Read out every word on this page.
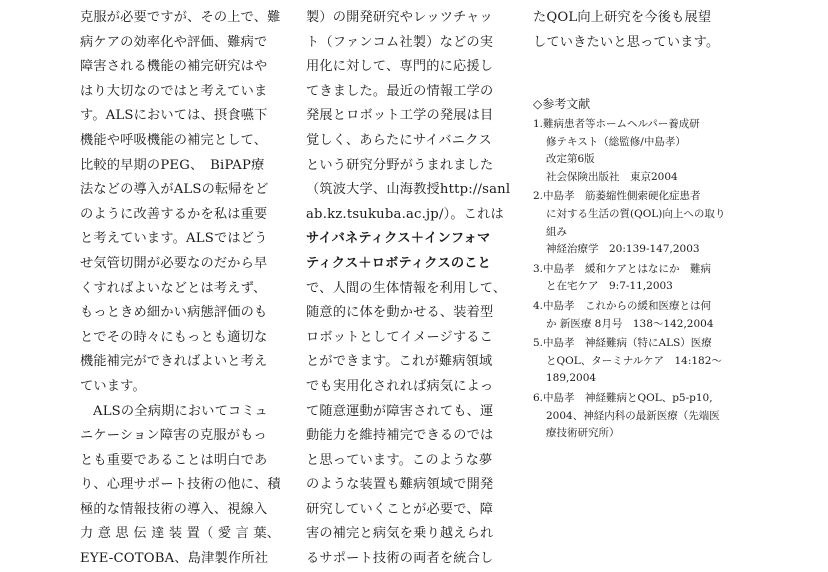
克服が必要ですが、その上で、難
病ケアの効率化や評価、難病で
障害される機能の補完研究はや
はり大切なのではと考えていま
す。ALSにおいては、摂食嚥下
機能や呼吸機能の補完として、
比較的早期のPEG、　BiPAP療
法などの導入がALSの転帰をど
のように改善するかを私は重要
と考えています。ALSではどう
せ気管切開が必要なのだから早
くすればよいなどとは考えず、
もっときめ細かい病態評価のも
とでその時々にもっとも適切な
機能補完ができればよいと考え
ています。
ALSの全病期においてコミュ
ニケーション障害の克服がもっ
とも重要であることは明白であ
り、心理サポート技術の他に、積
極的な情報技術の導入、視線入
力 意 思 伝 達 装 置（ 愛 言 葉、
EYE-COTOBA、島津製作所社
製）の開発研究やレッツチャッ
ト（ファンコム社製）などの実
用化に対して、専門的に応援し
てきました。最近の情報工学の
発展とロボット工学の発展は目
覚しく、あらたにサイバニクス
という研究分野がうまれました
（筑波大学、山海教授http://sanl
ab.kz.tsukuba.ac.jp/）。これは
サイバネティクス＋インフォマ
ティクス＋ロボティクスのこと
で、人間の生体情報を利用して、
随意的に体を動かせる、装着型
ロボットとしてイメージするこ
とができます。これが難病領域
でも実用化されれば病気によっ
て随意運動が障害されても、運
動能力を維持補完できるのでは
と思っています。このような夢
のような装置も難病領域で開発
研究していくことが必要で、障
害の補完と病気を乗り越えられ
るサポート技術の両者を統合し
たQOL向上研究を今後も展望
していきたいと思っています。
◇参考文献
1.難病患者等ホームヘルパー養成研
修テキスト（総監修/中島孝）
改定第6版
社会保険出版社　東京2004
2.中島孝　筋萎縮性側索硬化症患者
に対する生活の質(QOL)向上への取り
組み
神経治療学　20:139-147,2003
3.中島孝　緩和ケアとはなにか　難病
と在宅ケア　9:7-11,2003
4.中島孝　これからの緩和医療とは何
か 新医療 8月号　138～142,2004
5.中島孝　神経難病（特にALS）医療
とQOL、ターミナルケア　14:182～
189,2004
6.中島孝　神経難病とQOL、p5-p10,
2004、神経内科の最新医療（先端医
療技術研究所）
